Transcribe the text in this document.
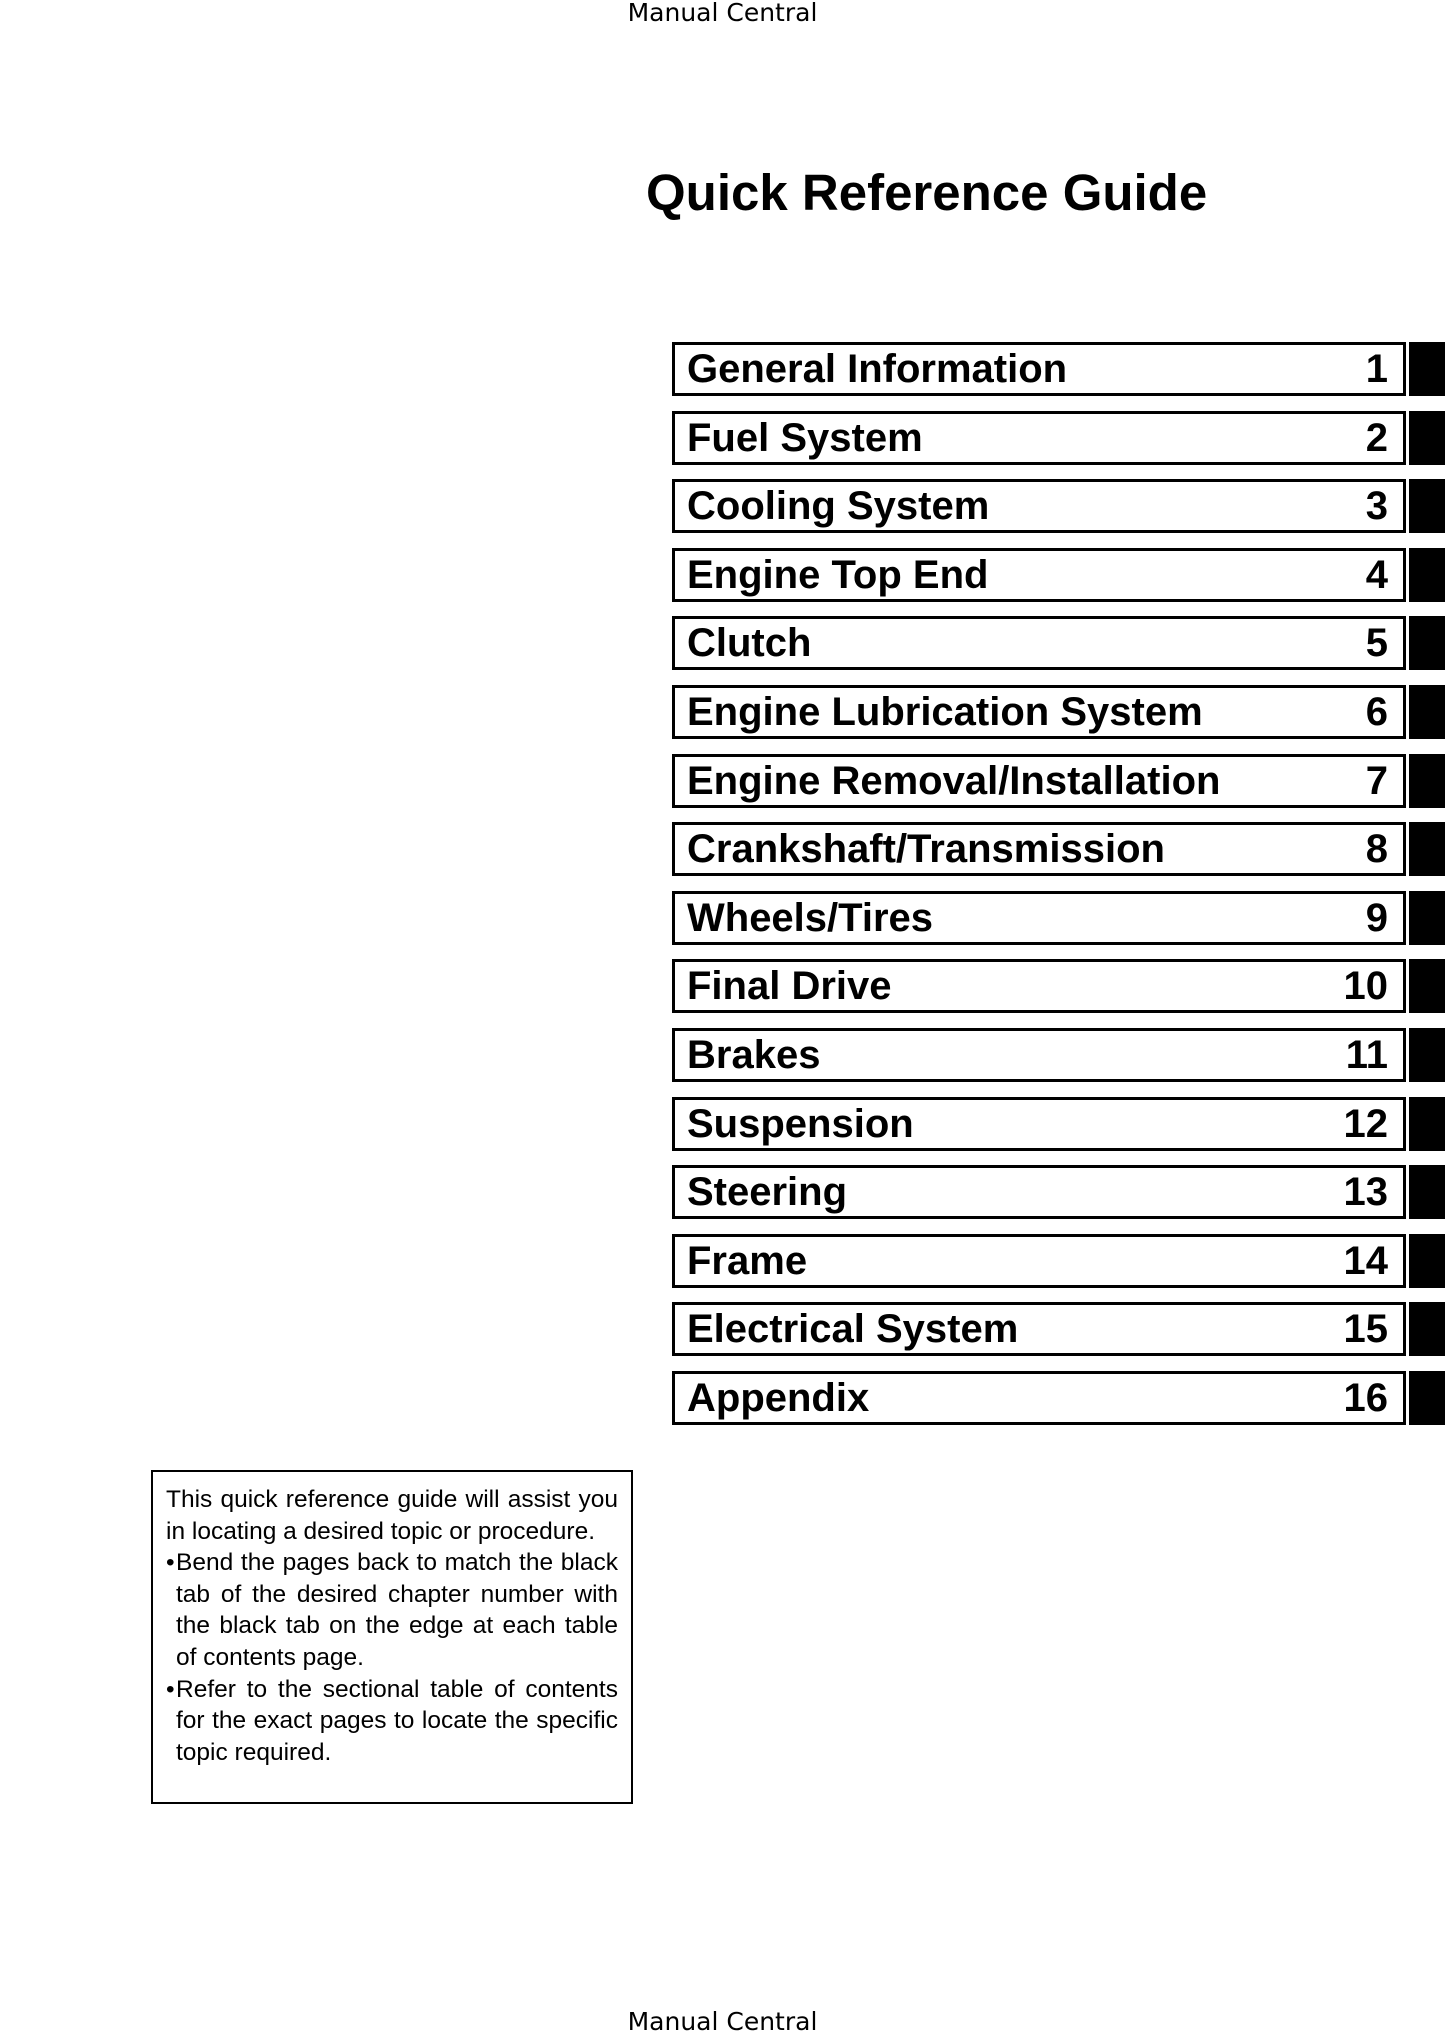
Manual Central
Quick Reference Guide
General Information	1
Fuel System	2
Cooling System	3
Engine Top End	4
Clutch	5
Engine Lubrication System	6
Engine Removal/Installation	7
Crankshaft/Transmission	8
Wheels/Tires	9
Final Drive	10
Brakes	11
Suspension	12
Steering	13
Frame	14
Electrical System	15
Appendix	16

This quick reference guide will assist you in locating a desired topic or procedure.

• Bend the pages back to match the black tab of the desired chapter number with the black tab on the edge at each table of contents page.
• Refer to the sectional table of contents for the exact pages to locate the specific topic required.
Manual Central
